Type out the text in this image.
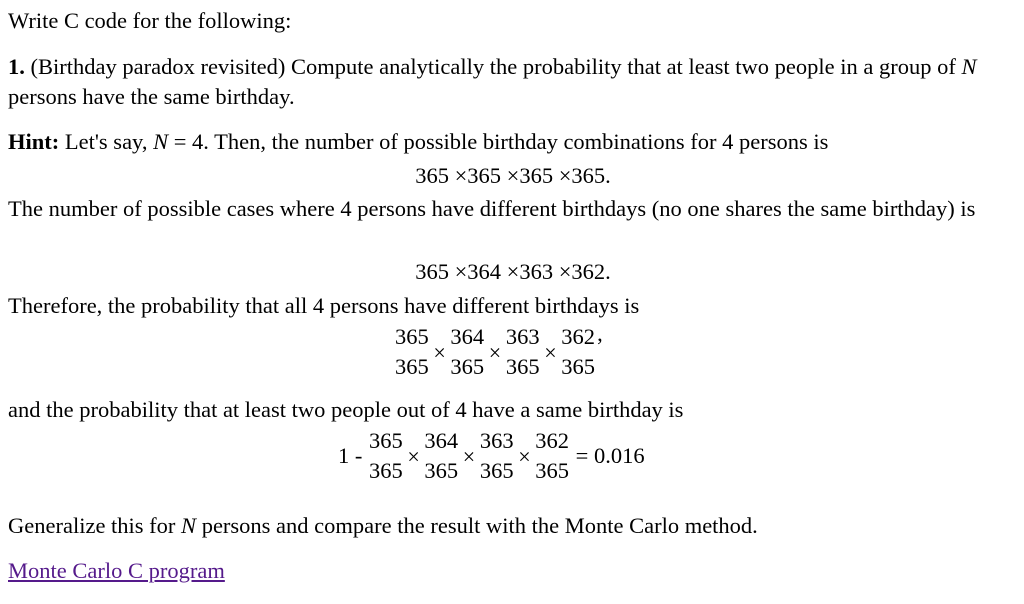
Write C code for the following:

1. (Birthday paradox revisited) Compute analytically the probability that at least two people in a group of N persons have the same birthday.

Hint: Let's say, N = 4. Then, the number of possible birthday combinations for 4 persons is

365 ×365 ×365 ×365.

The number of possible cases where 4 persons have different birthdays (no one shares the same birthday) is

365 ×364 ×363 ×362.

Therefore, the probability that all 4 persons have different birthdays is

365
365
×
364
365
×
363
365
×
362
365
’

and the probability that at least two people out of 4 have a same birthday is

1 -
365
365
×
364
365
×
363
365
×
362
365
= 0.016

Generalize this for N persons and compare the result with the Monte Carlo method.

Monte Carlo C program
